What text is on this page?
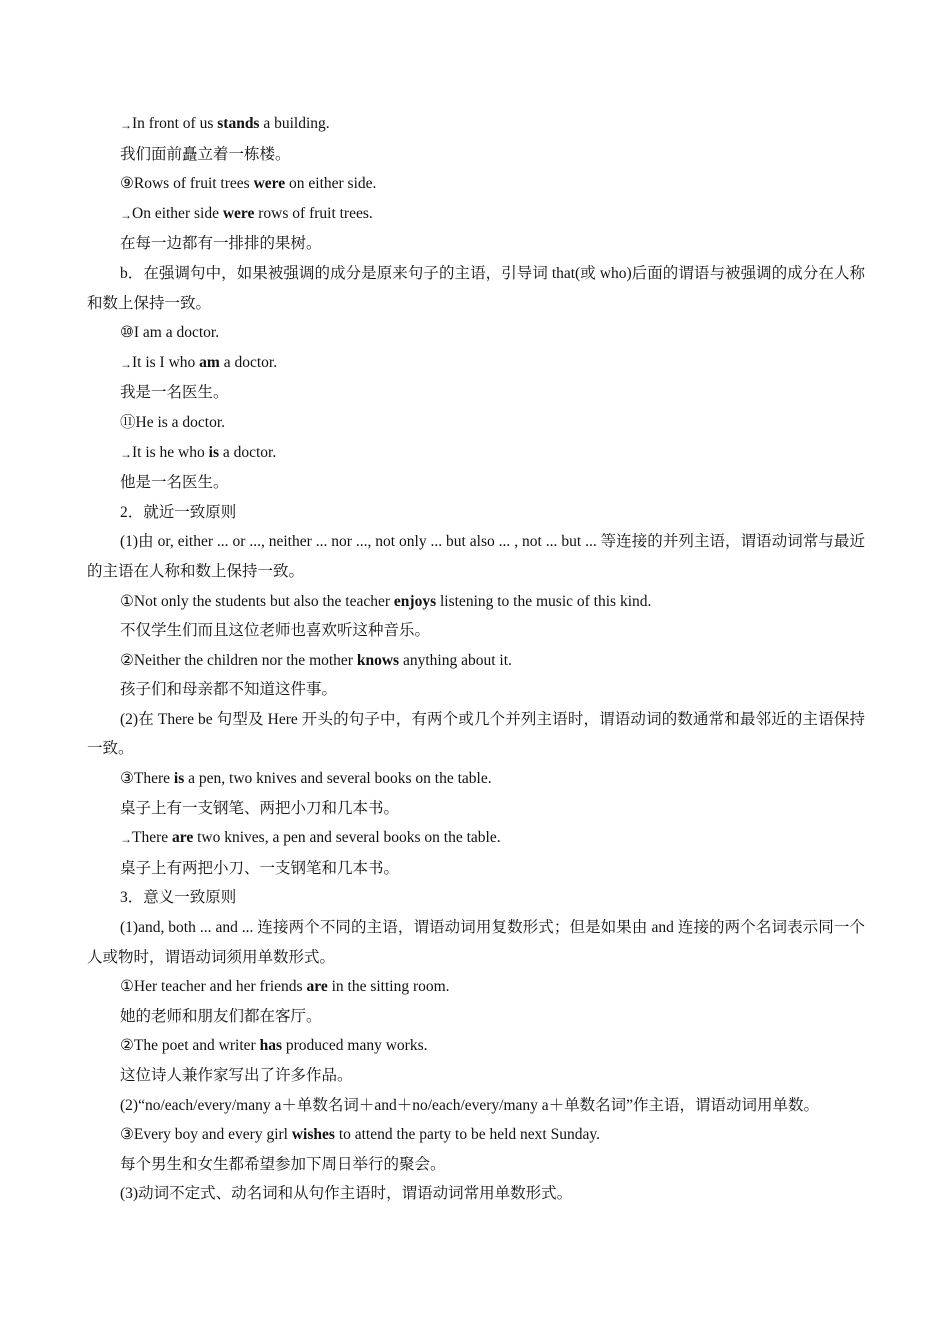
→In front of us stands a building.
我们面前矗立着一栋楼。
⑨Rows of fruit trees were on either side.
→On either side were rows of fruit trees.
在每一边都有一排排的果树。
b．在强调句中，如果被强调的成分是原来句子的主语，引导词 that(或 who)后面的谓语与被强调的成分在人称和数上保持一致。
⑩I am a doctor.
→It is I who am a doctor.
我是一名医生。
⑪He is a doctor.
→It is he who is a doctor.
他是一名医生。
2．就近一致原则
(1)由 or, either ... or ..., neither ... nor ..., not only ... but also ... , not ... but ... 等连接的并列主语，谓语动词常与最近的主语在人称和数上保持一致。
①Not only the students but also the teacher enjoys listening to the music of this kind.
不仅学生们而且这位老师也喜欢听这种音乐。
②Neither the children nor the mother knows anything about it.
孩子们和母亲都不知道这件事。
(2)在 There be 句型及 Here 开头的句子中，有两个或几个并列主语时，谓语动词的数通常和最邻近的主语保持一致。
③There is a pen, two knives and several books on the table.
桌子上有一支钢笔、两把小刀和几本书。
→There are two knives, a pen and several books on the table.
桌子上有两把小刀、一支钢笔和几本书。
3．意义一致原则
(1)and, both ... and ... 连接两个不同的主语，谓语动词用复数形式；但是如果由 and 连接的两个名词表示同一个人或物时，谓语动词须用单数形式。
①Her teacher and her friends are in the sitting room.
她的老师和朋友们都在客厅。
②The poet and writer has produced many works.
这位诗人兼作家写出了许多作品。
(2)“no/each/every/many a＋单数名词＋and＋no/each/every/many a＋单数名词”作主语，谓语动词用单数。
③Every boy and every girl wishes to attend the party to be held next Sunday.
每个男生和女生都希望参加下周日举行的聚会。
(3)动词不定式、动名词和从句作主语时，谓语动词常用单数形式。
